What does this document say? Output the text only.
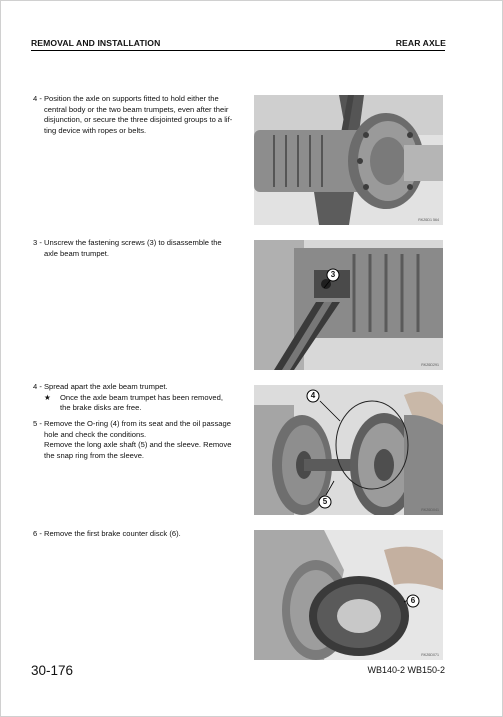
REMOVAL AND INSTALLATION	REAR AXLE

4 - Position the axle on supports fitted to hold either the

central body or the two beam trumpets, even after their

disjunction, or secure the three disjointed groups to a lif-

ting device with ropes or belts.

3 - Unscrew the fastening screws (3) to disassemble the

axle beam trumpet.

4 - Spread apart the axle beam trumpet.

★	Once the axle beam trumpet has been removed,
the brake disks are free.

5 - Remove the O-ring (4) from its seat and the oil passage

hole and check the conditions.

Remove the long axle shaft (5) and the sleeve. Remove

the snap ring from the sleeve.

6 - Remove the first brake counter disck (6).

RKZ6D1 564
3
RKZ6D291
4
5
RKZ6D041
6
RKZ6D071
30-176	WB140-2 WB150-2
